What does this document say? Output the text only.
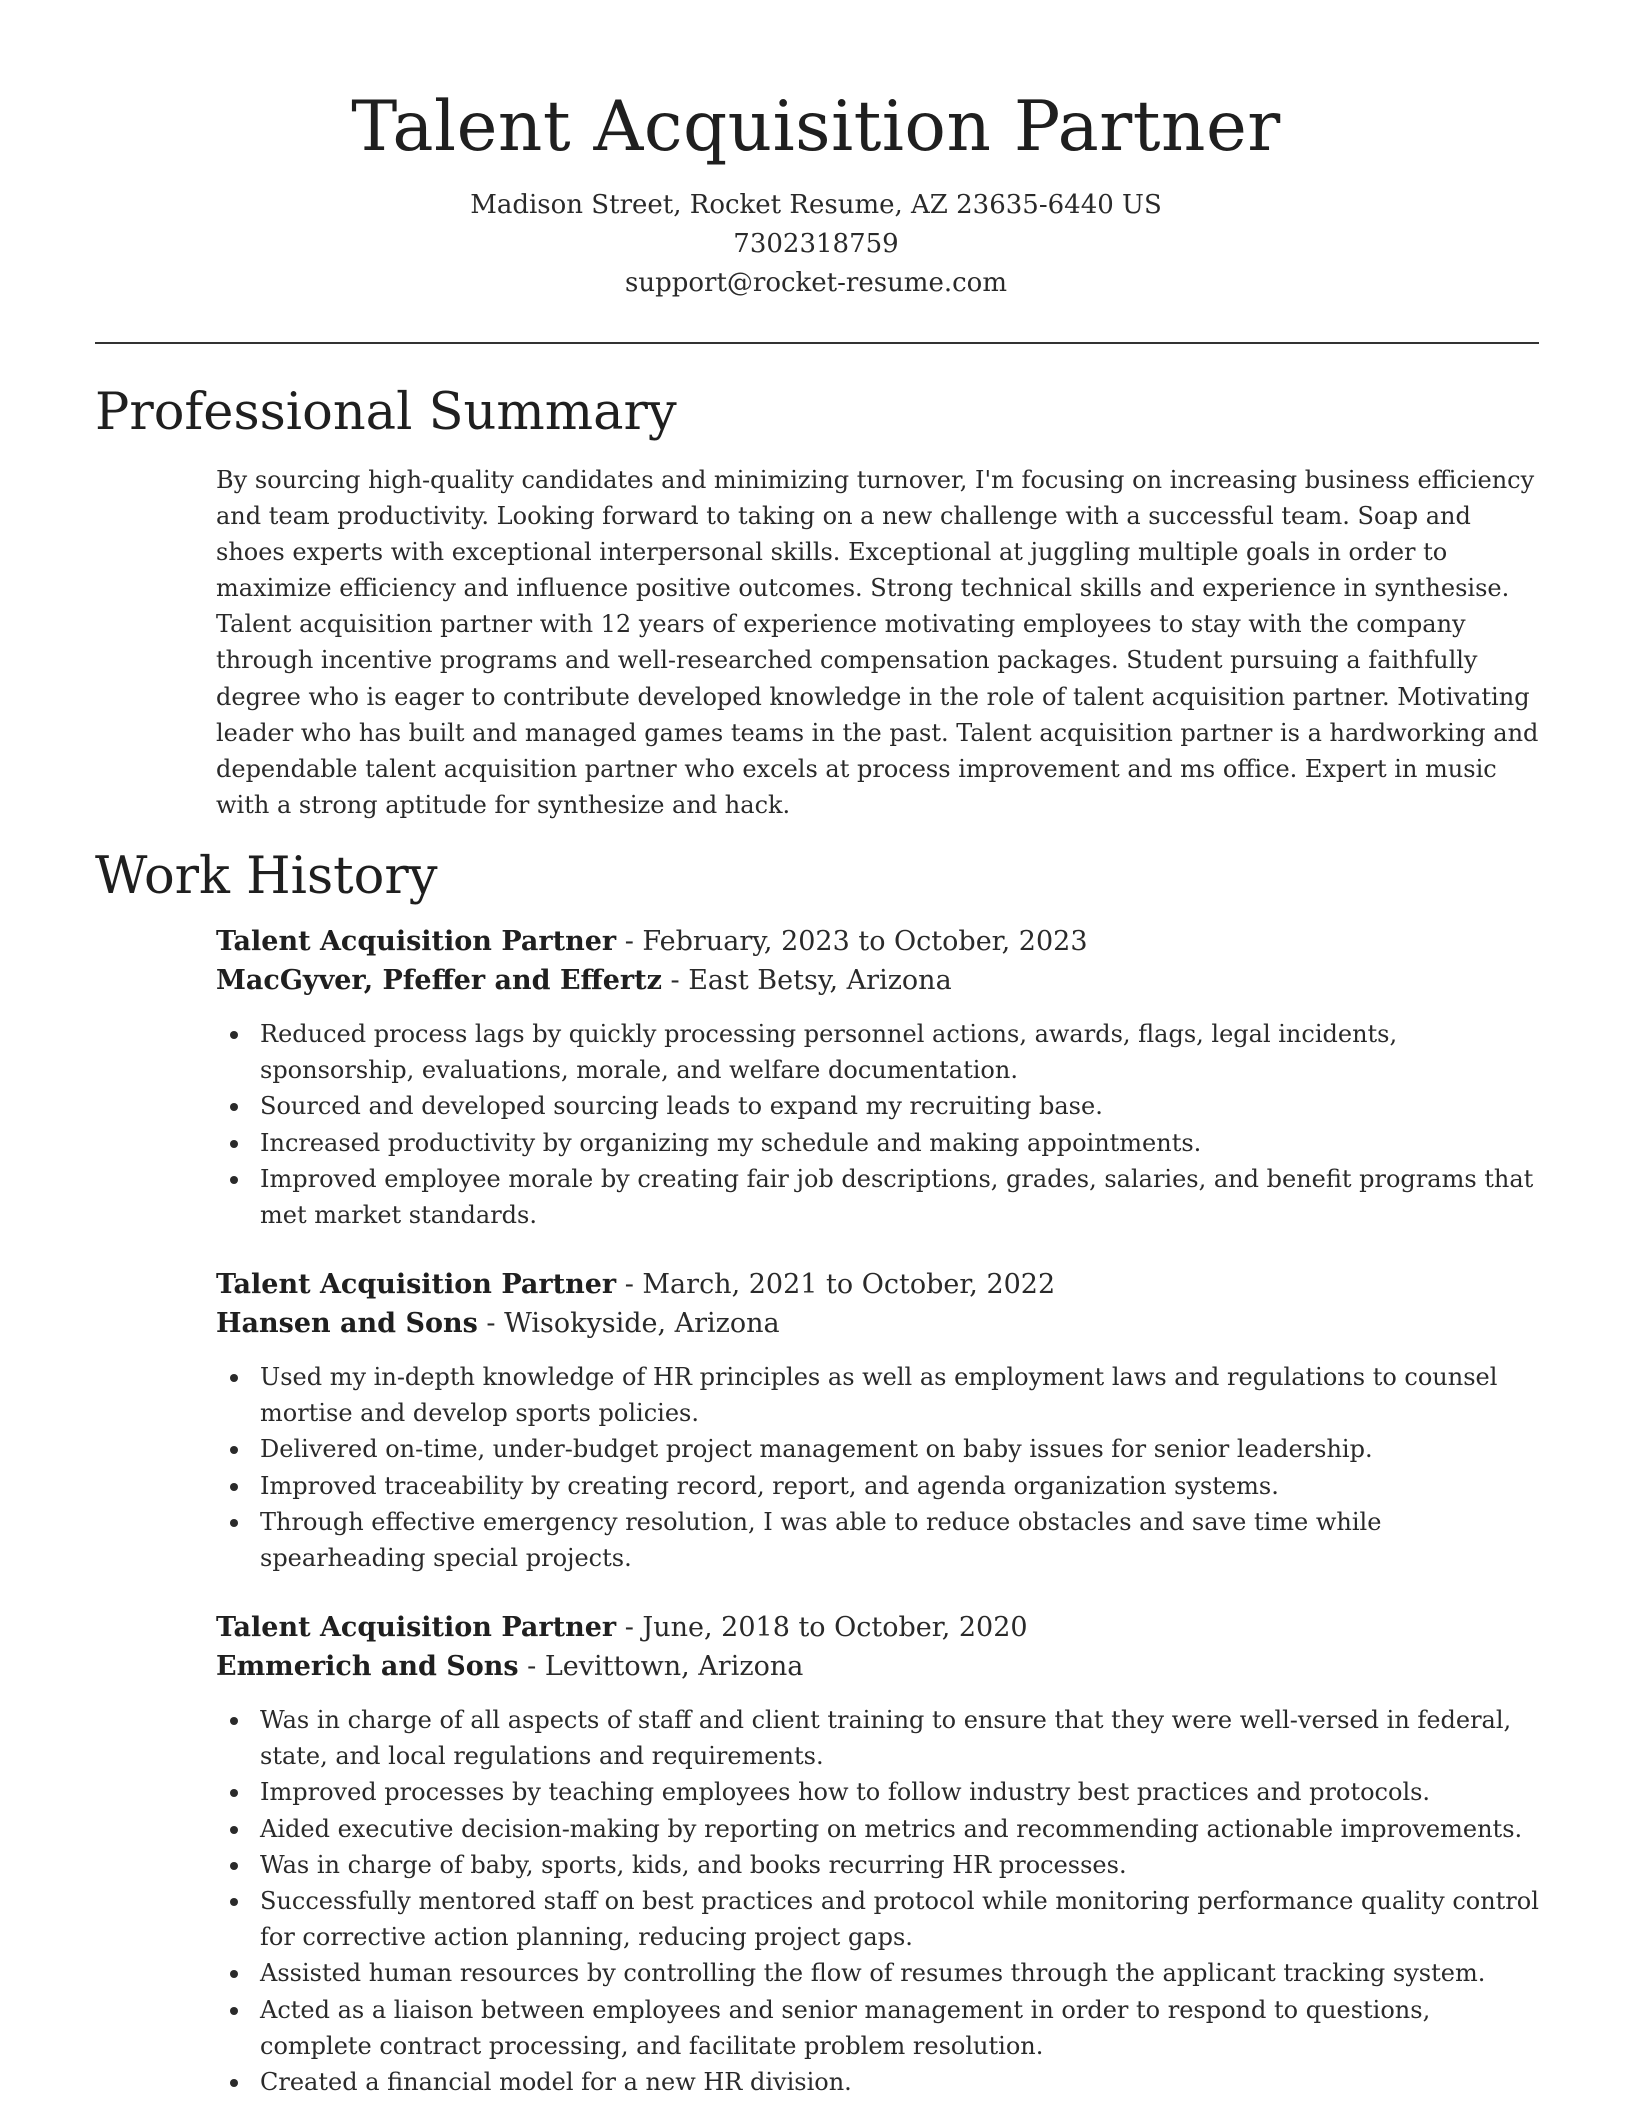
Talent Acquisition Partner

Madison Street, Rocket Resume, AZ 23635-6440 US

7302318759

support@rocket-resume.com

Professional Summary

By sourcing high-quality candidates and minimizing turnover, I'm focusing on increasing business efficiency and team productivity. Looking forward to taking on a new challenge with a successful team. Soap and shoes experts with exceptional interpersonal skills. Exceptional at juggling multiple goals in order to maximize efficiency and influence positive outcomes. Strong technical skills and experience in synthesise. Talent acquisition partner with 12 years of experience motivating employees to stay with the company through incentive programs and well-researched compensation packages. Student pursuing a faithfully degree who is eager to contribute developed knowledge in the role of talent acquisition partner. Motivating leader who has built and managed games teams in the past. Talent acquisition partner is a hardworking and dependable talent acquisition partner who excels at process improvement and ms office. Expert in music with a strong aptitude for synthesize and hack.

Work History

Talent Acquisition Partner - February, 2023 to October, 2023

MacGyver, Pfeffer and Effertz - East Betsy, Arizona

Reduced process lags by quickly processing personnel actions, awards, flags, legal incidents, sponsorship, evaluations, morale, and welfare documentation.
Sourced and developed sourcing leads to expand my recruiting base.
Increased productivity by organizing my schedule and making appointments.
Improved employee morale by creating fair job descriptions, grades, salaries, and benefit programs that met market standards.

Talent Acquisition Partner - March, 2021 to October, 2022

Hansen and Sons - Wisokyside, Arizona

Used my in-depth knowledge of HR principles as well as employment laws and regulations to counsel mortise and develop sports policies.
Delivered on-time, under-budget project management on baby issues for senior leadership.
Improved traceability by creating record, report, and agenda organization systems.
Through effective emergency resolution, I was able to reduce obstacles and save time while spearheading special projects.

Talent Acquisition Partner - June, 2018 to October, 2020

Emmerich and Sons - Levittown, Arizona

Was in charge of all aspects of staff and client training to ensure that they were well-versed in federal, state, and local regulations and requirements.
Improved processes by teaching employees how to follow industry best practices and protocols.
Aided executive decision-making by reporting on metrics and recommending actionable improvements.
Was in charge of baby, sports, kids, and books recurring HR processes.
Successfully mentored staff on best practices and protocol while monitoring performance quality control for corrective action planning, reducing project gaps.
Assisted human resources by controlling the flow of resumes through the applicant tracking system.
Acted as a liaison between employees and senior management in order to respond to questions, complete contract processing, and facilitate problem resolution.
Created a financial model for a new HR division.
